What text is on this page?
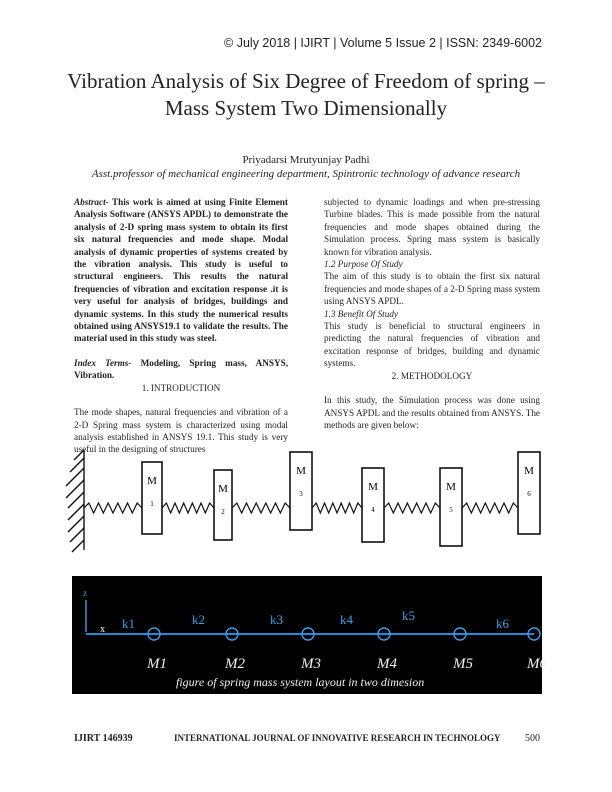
© July 2018 | IJIRT | Volume 5 Issue 2 | ISSN: 2349-6002
Vibration Analysis of Six Degree of Freedom of spring –
Mass System Two Dimensionally
Priyadarsi Mrutyunjay Padhi
Asst.professor of mechanical engineering department, Spintronic technology of advance research

Abstract- This work is aimed at using Finite Element Analysis Software (ANSYS APDL) to demonstrate the analysis of 2-D spring mass system to obtain its first six natural frequencies and mode shape. Modal analysis of dynamic properties of systems created by the vibration analysis. This study is useful to structural engineers. This results the natural frequencies of vibration and excitation response .it is very useful for analysis of bridges, buildings and dynamic systems. In this study the numerical results obtained using ANSYS19.1 to validate the results. The material used in this study was steel.

Index Terms- Modeling, Spring mass, ANSYS, Vibration.

1. INTRODUCTION

The mode shapes, natural frequencies and vibration of a 2-D Spring mass system is characterized using modal analysis established in ANSYS 19.1. This study is very useful in the designing of structures

subjected to dynamic loadings and when pre-stressing Turbine blades. This is made possible from the natural frequencies and mode shapes obtained during the Simulation process. Spring mass system is basically known for vibration analysis.

1.2 Purpose Of Study

The aim of this study is to obtain the first six natural frequencies and mode shapes of a 2-D Spring mass system using ANSYS APDL.

1.3 Benefit Of Study

This study is beneficial to structural engineers in predicting the natural frequencies of vibration and excitation response of bridges, building and dynamic systems.

2. METHODOLOGY

In this study, the Simulation process was done using ANSYS APDL and the results obtained from ANSYS. The methods are given below:

M
1
M
2
M
3
M
4
M
5
M
6
z
x k1	k2	k3	k4	k5
k6
M1	M2	M3	M4	M5	M6
figure of spring mass system layout in two dimesion
IJIRT 146939	INTERNATIONAL JOURNAL OF INNOVATIVE RESEARCH IN TECHNOLOGY	500
